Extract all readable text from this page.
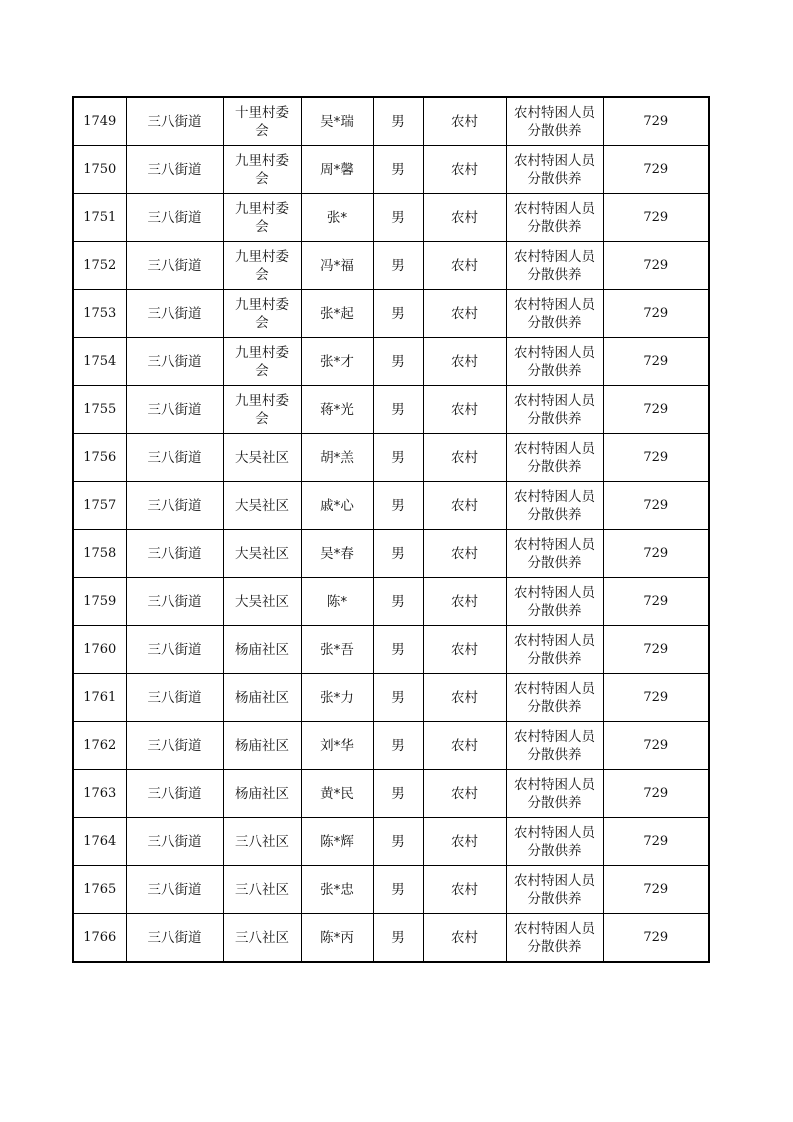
1749	三八街道	十里村委会	吴*瑞	男	农村	农村特困人员分散供养	729
1750	三八街道	九里村委会	周*馨	男	农村	农村特困人员分散供养	729
1751	三八街道	九里村委会	张*	男	农村	农村特困人员分散供养	729
1752	三八街道	九里村委会	冯*福	男	农村	农村特困人员分散供养	729
1753	三八街道	九里村委会	张*起	男	农村	农村特困人员分散供养	729
1754	三八街道	九里村委会	张*才	男	农村	农村特困人员分散供养	729
1755	三八街道	九里村委会	蒋*光	男	农村	农村特困人员分散供养	729
1756	三八街道	大吴社区	胡*羔	男	农村	农村特困人员分散供养	729
1757	三八街道	大吴社区	戚*心	男	农村	农村特困人员分散供养	729
1758	三八街道	大吴社区	吴*春	男	农村	农村特困人员分散供养	729
1759	三八街道	大吴社区	陈*	男	农村	农村特困人员分散供养	729
1760	三八街道	杨庙社区	张*吾	男	农村	农村特困人员分散供养	729
1761	三八街道	杨庙社区	张*力	男	农村	农村特困人员分散供养	729
1762	三八街道	杨庙社区	刘*华	男	农村	农村特困人员分散供养	729
1763	三八街道	杨庙社区	黄*民	男	农村	农村特困人员分散供养	729
1764	三八街道	三八社区	陈*辉	男	农村	农村特困人员分散供养	729
1765	三八街道	三八社区	张*忠	男	农村	农村特困人员分散供养	729
1766	三八街道	三八社区	陈*丙	男	农村	农村特困人员分散供养	729
